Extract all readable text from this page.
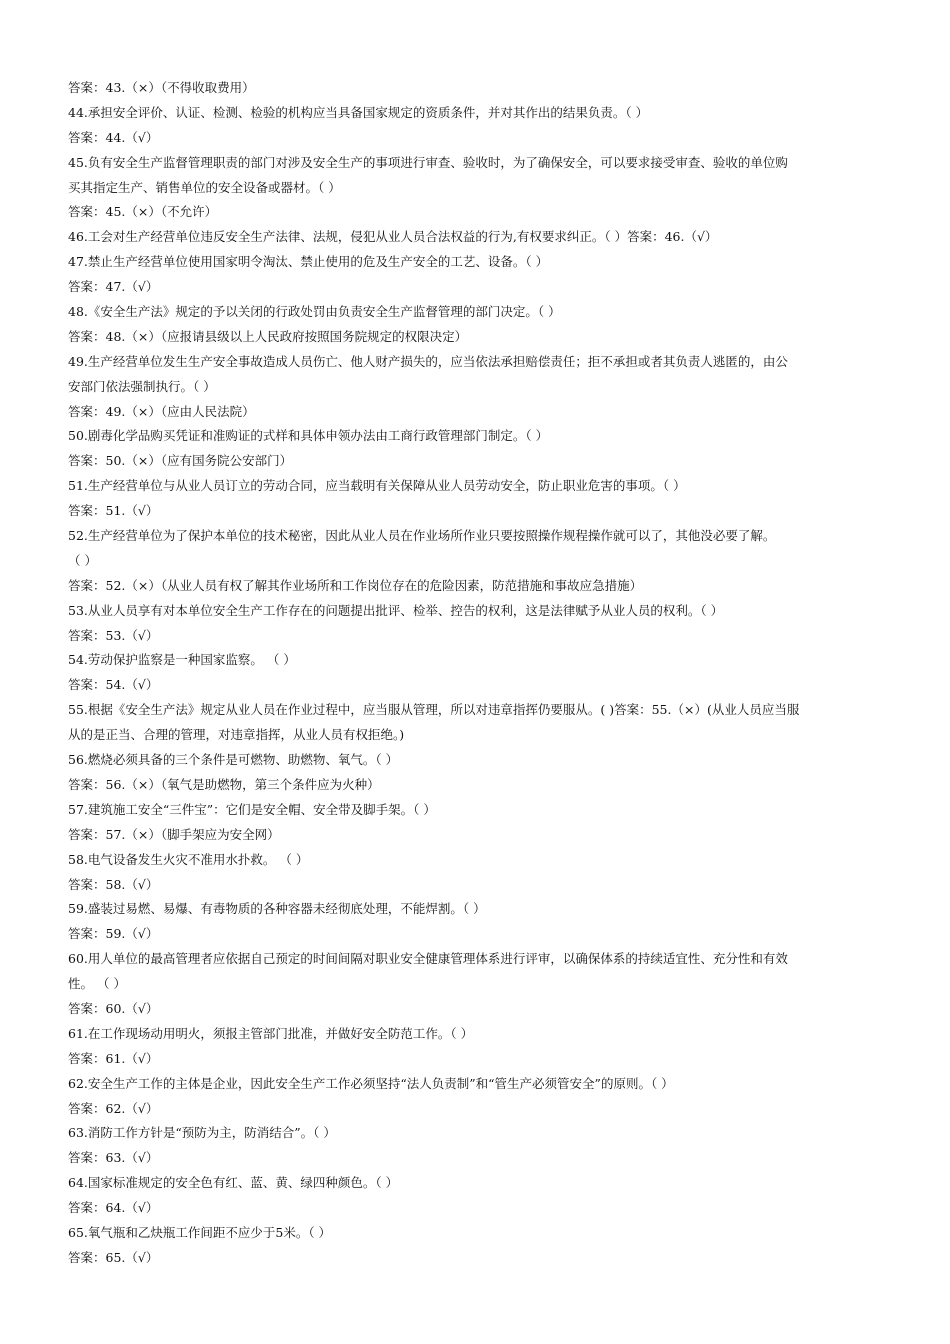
答案：43.（×）（不得收取费用）
44.承担安全评价、认证、检测、检验的机构应当具备国家规定的资质条件，并对其作出的结果负责。（ ）
答案：44.（√）
45.负有安全生产监督管理职责的部门对涉及安全生产的事项进行审查、验收时，为了确保安全，可以要求接受审查、验收的单位购
买其指定生产、销售单位的安全设备或器材。（ ）
答案：45.（×）（不允许）
46.工会对生产经营单位违反安全生产法律、法规，侵犯从业人员合法权益的行为,有权要求纠正。（ ）答案：46.（√）
47.禁止生产经营单位使用国家明令淘汰、禁止使用的危及生产安全的工艺、设备。（ ）
答案：47.（√）
48.《安全生产法》规定的予以关闭的行政处罚由负责安全生产监督管理的部门决定。（ ）
答案：48.（×）（应报请县级以上人民政府按照国务院规定的权限决定）
49.生产经营单位发生生产安全事故造成人员伤亡、他人财产损失的，应当依法承担赔偿责任；拒不承担或者其负责人逃匿的，由公
安部门依法强制执行。（ ）
答案：49.（×）（应由人民法院）
50.剧毒化学品购买凭证和准购证的式样和具体申领办法由工商行政管理部门制定。（ ）
答案：50.（×）（应有国务院公安部门）
51.生产经营单位与从业人员订立的劳动合同，应当载明有关保障从业人员劳动安全，防止职业危害的事项。（ ）
答案：51.（√）
52.生产经营单位为了保护本单位的技术秘密，因此从业人员在作业场所作业只要按照操作规程操作就可以了，其他没必要了解。
（ ）
答案：52.（×）（从业人员有权了解其作业场所和工作岗位存在的危险因素，防范措施和事故应急措施）
53.从业人员享有对本单位安全生产工作存在的问题提出批评、检举、控告的权利，这是法律赋予从业人员的权利。（ ）
答案：53.（√）
54.劳动保护监察是一种国家监察。 （ ）
答案：54.（√）
55.根据《安全生产法》规定从业人员在作业过程中，应当服从管理，所以对违章指挥仍要服从。( )答案：55.（×）(从业人员应当服
从的是正当、合理的管理，对违章指挥，从业人员有权拒绝。)
56.燃烧必须具备的三个条件是可燃物、助燃物、氧气。（ ）
答案：56.（×）（氧气是助燃物，第三个条件应为火种）
57.建筑施工安全“三件宝”：它们是安全帽、安全带及脚手架。（ ）
答案：57.（×）（脚手架应为安全网）
58.电气设备发生火灾不准用水扑救。 （ ）
答案：58.（√）
59.盛装过易燃、易爆、有毒物质的各种容器未经彻底处理，不能焊割。（ ）
答案：59.（√）
60.用人单位的最高管理者应依据自己预定的时间间隔对职业安全健康管理体系进行评审，以确保体系的持续适宜性、充分性和有效
性。 （ ）
答案：60.（√）
61.在工作现场动用明火，须报主管部门批准，并做好安全防范工作。（ ）
答案：61.（√）
62.安全生产工作的主体是企业，因此安全生产工作必须坚持“法人负责制”和“管生产必须管安全”的原则。（ ）
答案：62.（√）
63.消防工作方针是“预防为主，防消结合”。（ ）
答案：63.（√）
64.国家标准规定的安全色有红、蓝、黄、绿四种颜色。（ ）
答案：64.（√）
65.氧气瓶和乙炔瓶工作间距不应少于5米。（ ）
答案：65.（√）
